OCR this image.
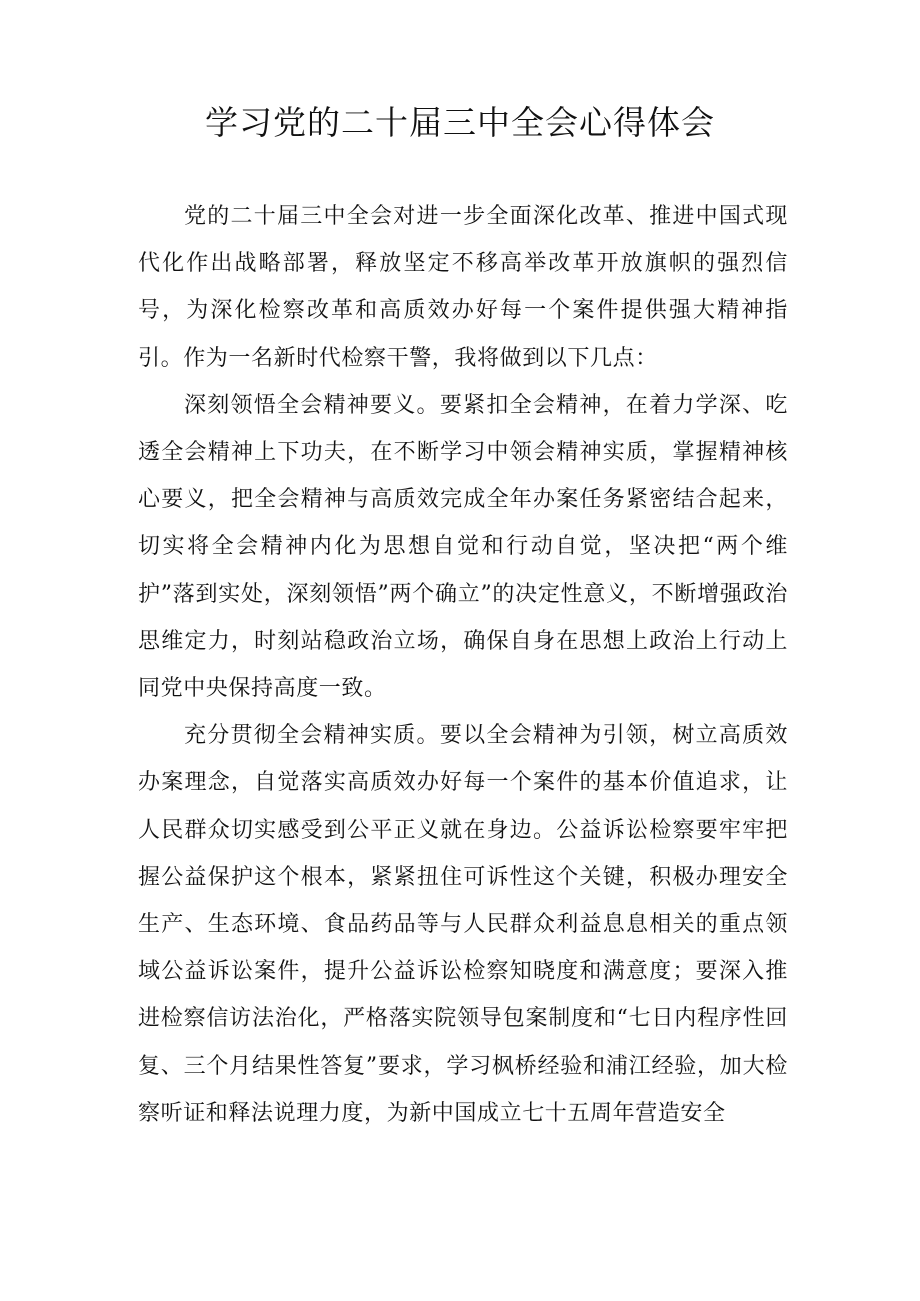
学习党的二十届三中全会心得体会

党的二十届三中全会对进一步全面深化改革、推进中国式现代化作出战略部署，释放坚定不移高举改革开放旗帜的强烈信号，为深化检察改革和高质效办好每一个案件提供强大精神指引。作为一名新时代检察干警，我将做到以下几点：

深刻领悟全会精神要义。要紧扣全会精神，在着力学深、吃透全会精神上下功夫，在不断学习中领会精神实质，掌握精神核心要义，把全会精神与高质效完成全年办案任务紧密结合起来，切实将全会精神内化为思想自觉和行动自觉，坚决把“两个维护”落到实处，深刻领悟”两个确立”的决定性意义，不断增强政治思维定力，时刻站稳政治立场，确保自身在思想上政治上行动上同党中央保持高度一致。

充分贯彻全会精神实质。要以全会精神为引领，树立高质效办案理念，自觉落实高质效办好每一个案件的基本价值追求，让人民群众切实感受到公平正义就在身边。公益诉讼检察要牢牢把握公益保护这个根本，紧紧扭住可诉性这个关键，积极办理安全生产、生态环境、食品药品等与人民群众利益息息相关的重点领域公益诉讼案件，提升公益诉讼检察知晓度和满意度；要深入推进检察信访法治化，严格落实院领导包案制度和“七日内程序性回复、三个月结果性答复”要求，学习枫桥经验和浦江经验，加大检察听证和释法说理力度，为新中国成立七十五周年营造安全
